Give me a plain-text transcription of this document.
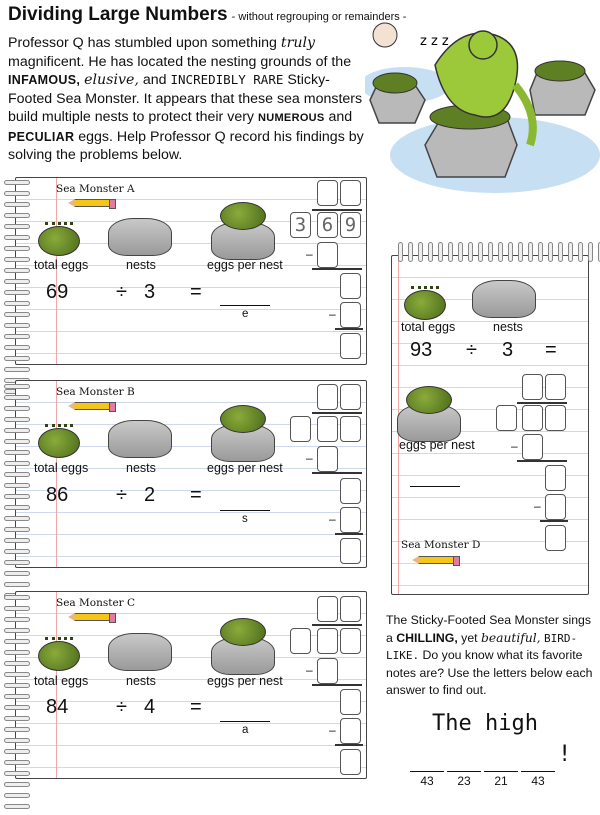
Dividing Large Numbers - without regrouping or remainders -
Professor Q has stumbled upon something truly magnificent. He has located the nesting grounds of the INFAMOUS, elusive, and INCREDIBLY RARE Sticky-Footed Sea Monster. It appears that these sea monsters build multiple nests to protect their very NUMEROUS and PECULIAR eggs. Help Professor Q record his findings by solving the problems below.
z z z
Sea Monster A
total eggs	nests	eggs per nest
69 ÷ 3 =
e
3 6 9
–
–
Sea Monster B
total eggs	nests	eggs per nest
86 ÷ 2 =
s
–
–
Sea Monster C
total eggs	nests	eggs per nest
84 ÷ 4 =
a
–
–
total eggs	nests
93 ÷ 3 =
eggs per nest
Sea Monster D
–
–
The Sticky-Footed Sea Monster sings a CHILLING, yet beautiful, BIRD-LIKE. Do you know what its favorite notes are? Use the letters below each answer to find out.
The high
43	23	21	43
!
